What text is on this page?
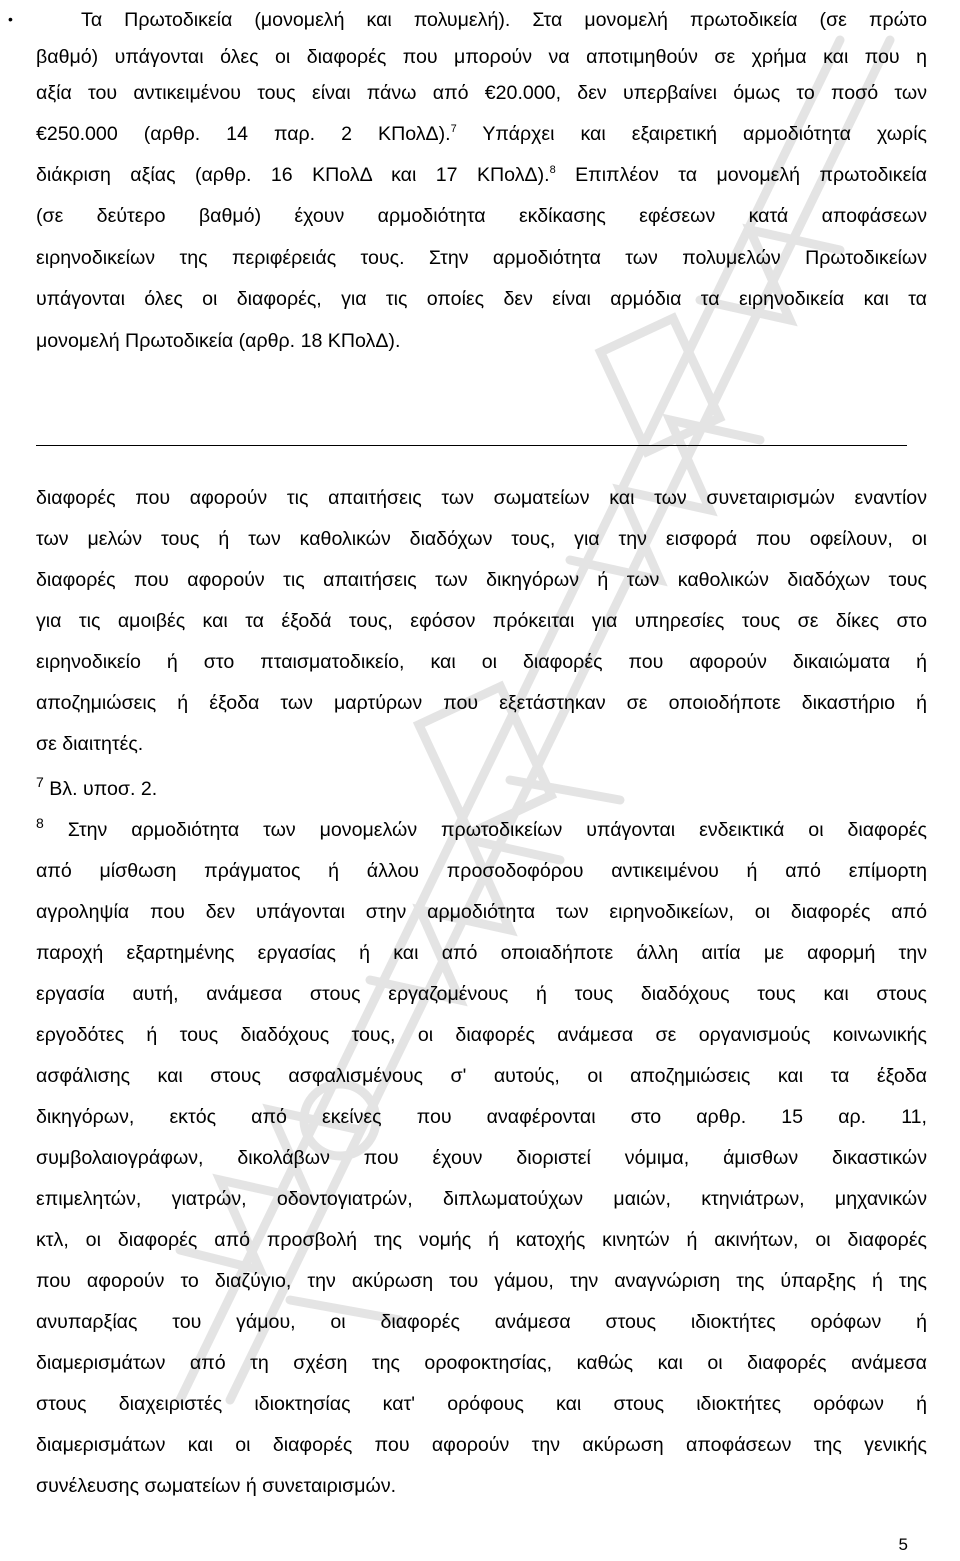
•	Τα Πρωτοδικεία (μονομελή και πολυμελή). Στα μονομελή πρωτοδικεία (σε πρώτο
βαθμό) υπάγονται όλες οι διαφορές που μπορούν να αποτιμηθούν σε χρήμα και που η
αξία του αντικειμένου τους είναι πάνω από €20.000, δεν υπερβαίνει όμως το ποσό των
€250.000 (αρθρ. 14 παρ. 2 ΚΠολΔ).$^7$ Υπάρχει και εξαιρετική αρμοδιότητα χωρίς
διάκριση αξίας (αρθρ. 16 ΚΠολΔ και 17 ΚΠολΔ).$^8$ Επιπλέον τα μονομελή πρωτοδικεία
(σε δεύτερο βαθμό) έχουν αρμοδιότητα εκδίκασης εφέσεων κατά αποφάσεων
ειρηνοδικείων της περιφέρειάς τους. Στην αρμοδιότητα των πολυμελών Πρωτοδικείων
υπάγονται όλες οι διαφορές, για τις οποίες δεν είναι αρμόδια τα ειρηνοδικεία και τα
μονομελή Πρωτοδικεία (αρθρ. 18 ΚΠολΔ).
διαφορές που αφορούν τις απαιτήσεις των σωματείων και των συνεταιρισμών εναντίον
των μελών τους ή των καθολικών διαδόχων τους, για την εισφορά που οφείλουν, οι
διαφορές που αφορούν τις απαιτήσεις των δικηγόρων ή των καθολικών διαδόχων τους
για τις αμοιβές και τα έξοδά τους, εφόσον πρόκειται για υπηρεσίες τους σε δίκες στο
ειρηνοδικείο ή στο πταισματοδικείο, και οι διαφορές που αφορούν δικαιώματα ή
αποζημιώσεις ή έξοδα των μαρτύρων που εξετάστηκαν σε οποιοδήποτε δικαστήριο ή
σε διαιτητές.
$^7$ Βλ. υποσ. 2.
$^8$ Στην αρμοδιότητα των μονομελών πρωτοδικείων υπάγονται ενδεικτικά οι διαφορές
από μίσθωση πράγματος ή άλλου προσοδοφόρου αντικειμένου ή από επίμορτη
αγροληψία που δεν υπάγονται στην αρμοδιότητα των ειρηνοδικείων, οι διαφορές από
παροχή εξαρτημένης εργασίας ή και από οποιαδήποτε άλλη αιτία με αφορμή την
εργασία αυτή, ανάμεσα στους εργαζομένους ή τους διαδόχους τους και στους
εργοδότες ή τους διαδόχους τους, οι διαφορές ανάμεσα σε οργανισμούς κοινωνικής
ασφάλισης και στους ασφαλισμένους σ' αυτούς, οι αποζημιώσεις και τα έξοδα
δικηγόρων, εκτός από εκείνες που αναφέρονται στο αρθρ. 15 αρ. 11,
συμβολαιογράφων, δικολάβων που έχουν διοριστεί νόμιμα, άμισθων δικαστικών
επιμελητών, γιατρών, οδοντογιατρών, διπλωματούχων μαιών, κτηνιάτρων, μηχανικών
κτλ, οι διαφορές από προσβολή της νομής ή κατοχής κινητών ή ακινήτων, οι διαφορές
που αφορούν το διαζύγιο, την ακύρωση του γάμου, την αναγνώριση της ύπαρξης ή της
ανυπαρξίας του γάμου, οι διαφορές ανάμεσα στους ιδιοκτήτες ορόφων ή
διαμερισμάτων από τη σχέση της οροφοκτησίας, καθώς και οι διαφορές ανάμεσα
στους διαχειριστές ιδιοκτησίας κατ' ορόφους και στους ιδιοκτήτες ορόφων ή
διαμερισμάτων και οι διαφορές που αφορούν την ακύρωση αποφάσεων της γενικής
συνέλευσης σωματείων ή συνεταιρισμών.
5
